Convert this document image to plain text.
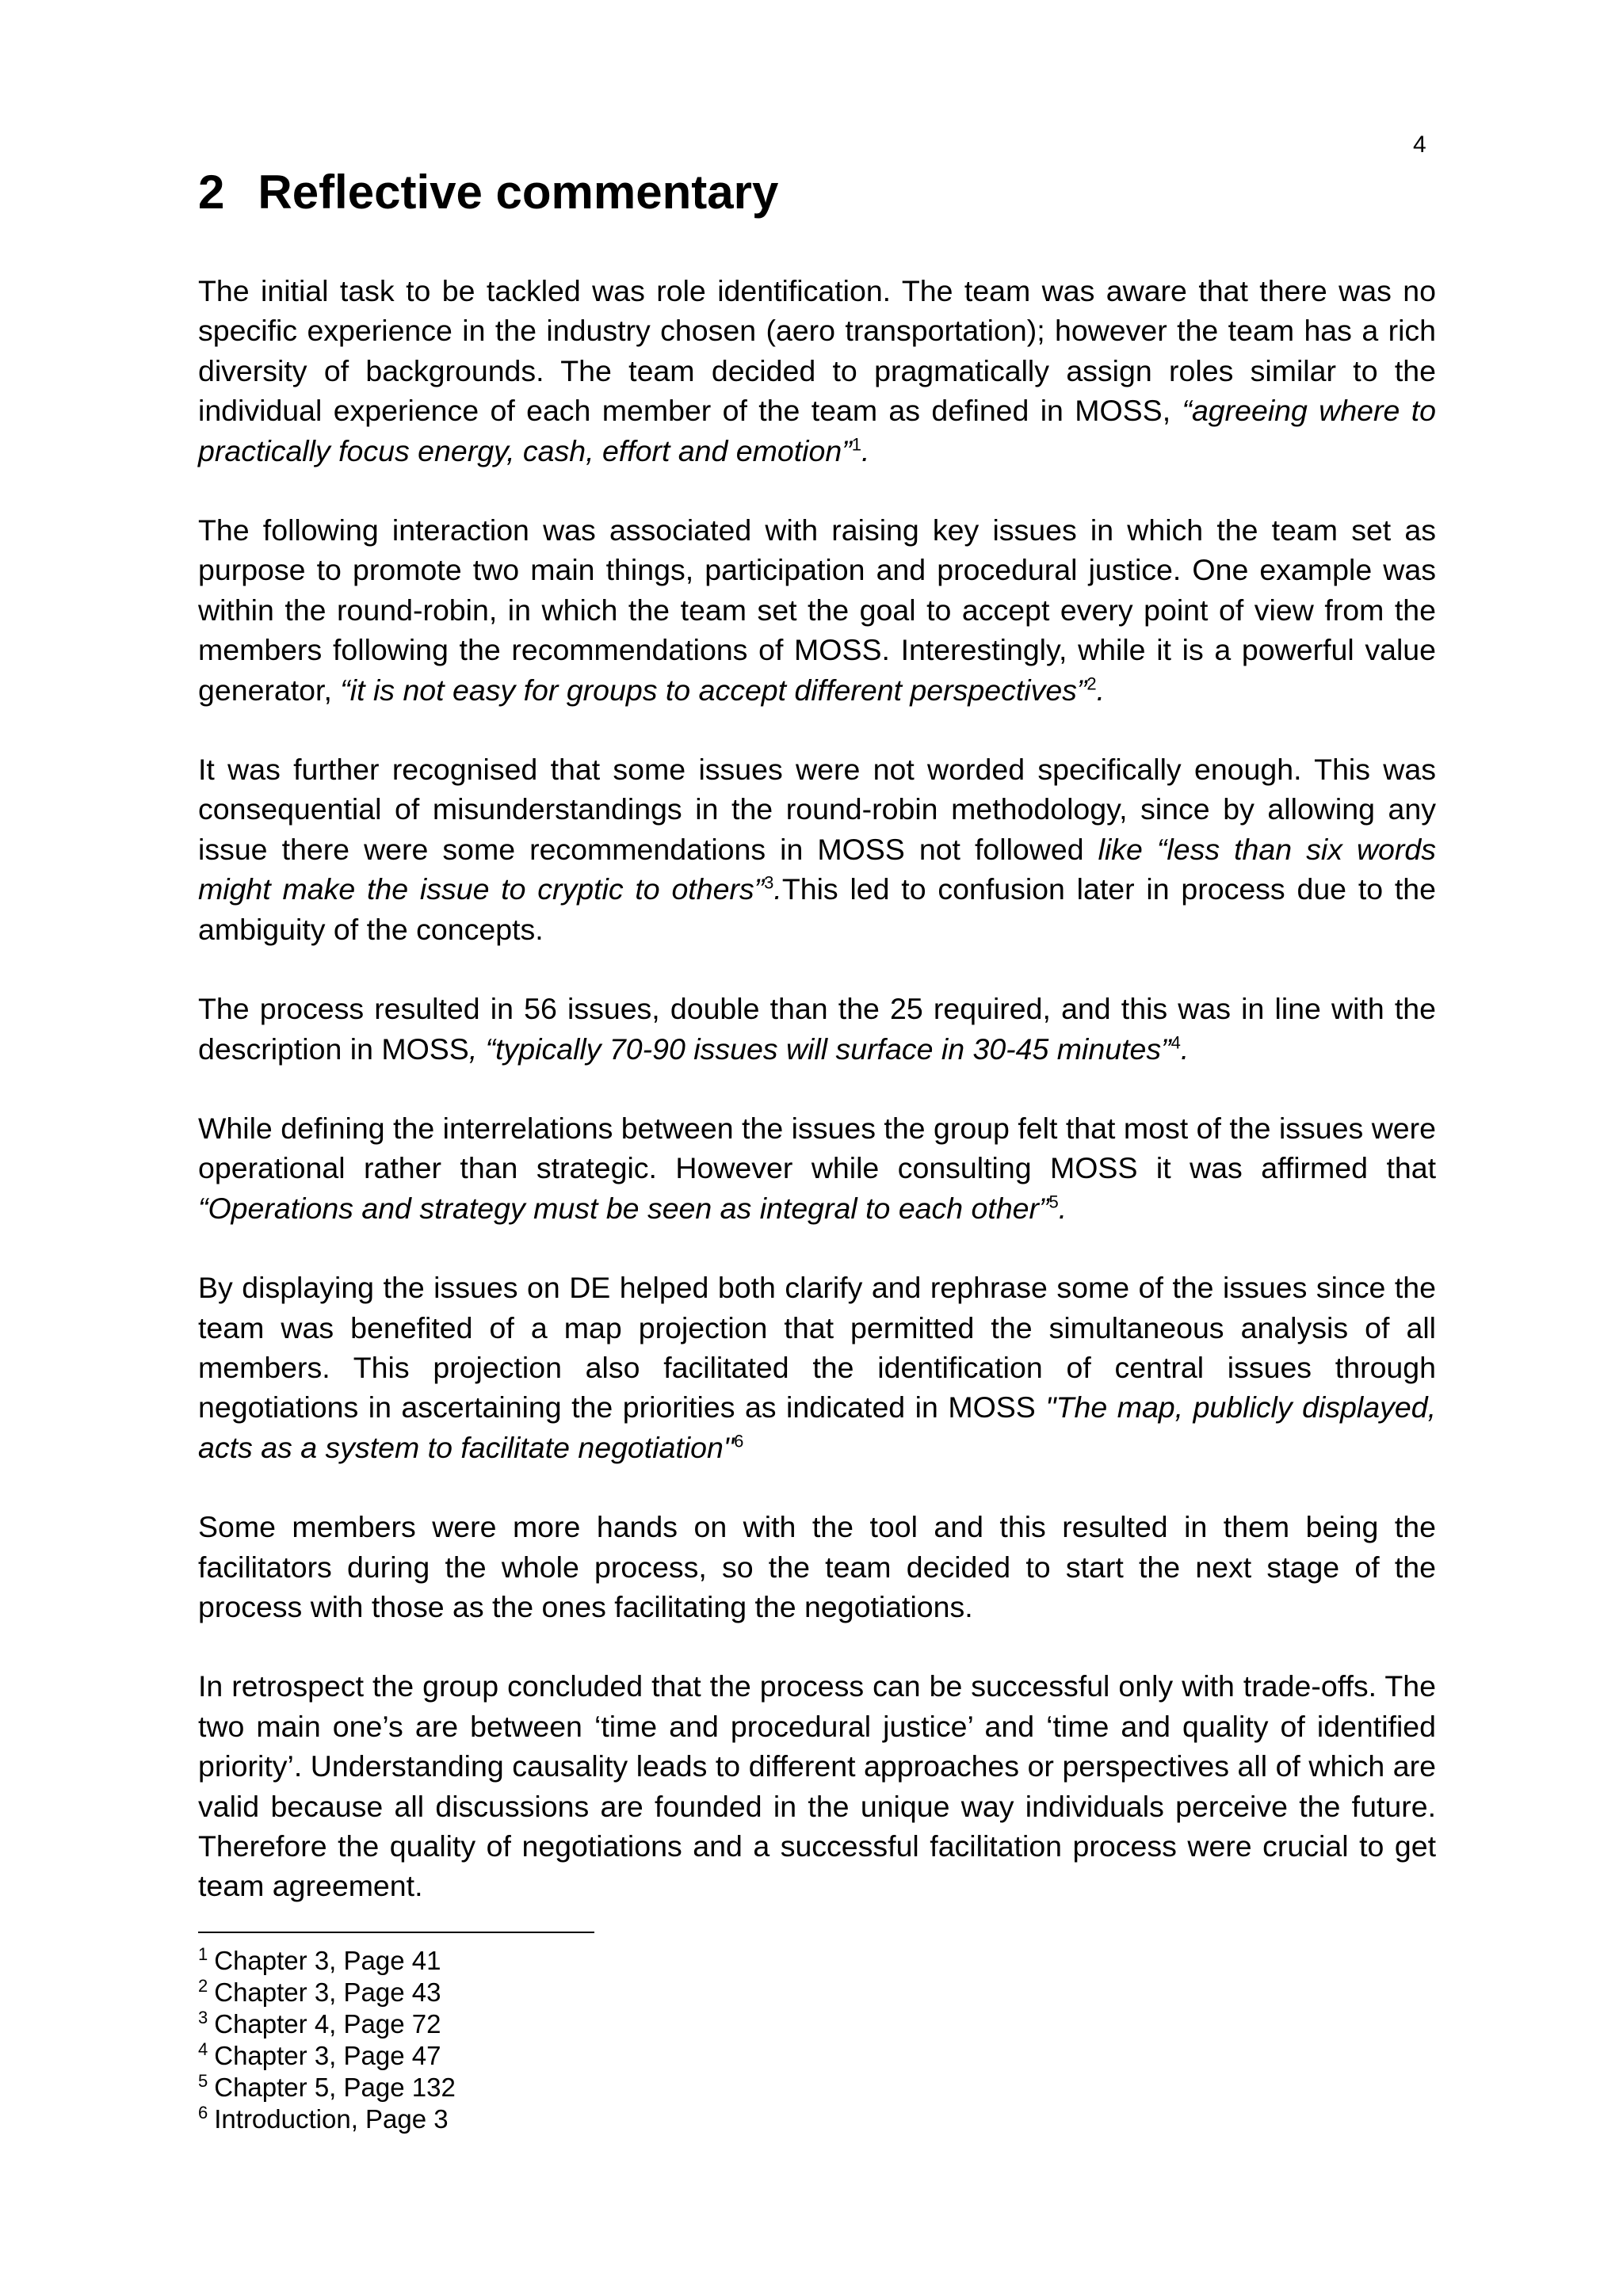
4
2 Reflective commentary

The initial task to be tackled was role identification. The team was aware that there was no specific experience in the industry chosen (aero transportation); however the team has a rich diversity of backgrounds. The team decided to pragmatically assign roles similar to the individual experience of each member of the team as defined in MOSS, “agreeing where to practically focus energy, cash, effort and emotion”$^1$.

The following interaction was associated with raising key issues in which the team set as purpose to promote two main things, participation and procedural justice. One example was within the round-robin, in which the team set the goal to accept every point of view from the members following the recommendations of MOSS. Interestingly, while it is a powerful value generator, “it is not easy for groups to accept different perspectives”$^2$.

It was further recognised that some issues were not worded specifically enough. This was consequential of misunderstandings in the round-robin methodology, since by allowing any issue there were some recommendations in MOSS not followed like “less than six words might make the issue to cryptic to others”$^3$.This led to confusion later in process due to the ambiguity of the concepts.

The process resulted in 56 issues, double than the 25 required, and this was in line with the description in MOSS, “typically 70-90 issues will surface in 30-45 minutes”$^4$.

While defining the interrelations between the issues the group felt that most of the issues were operational rather than strategic. However while consulting MOSS it was affirmed that “Operations and strategy must be seen as integral to each other”$^5$.

By displaying the issues on DE helped both clarify and rephrase some of the issues since the team was benefited of a map projection that permitted the simultaneous analysis of all members. This projection also facilitated the identification of central issues through negotiations in ascertaining the priorities as indicated in MOSS "The map, publicly displayed, acts as a system to facilitate negotiation"$^6$

Some members were more hands on with the tool and this resulted in them being the facilitators during the whole process, so the team decided to start the next stage of the process with those as the ones facilitating the negotiations.

In retrospect the group concluded that the process can be successful only with trade-offs. The two main one’s are between ‘time and procedural justice’ and ‘time and quality of identified priority’. Understanding causality leads to different approaches or perspectives all of which are valid because all discussions are founded in the unique way individuals perceive the future. Therefore the quality of negotiations and a successful facilitation process were crucial to get team agreement.

$^1$ Chapter 3, Page 41
$^2$ Chapter 3, Page 43
$^3$ Chapter 4, Page 72
$^4$ Chapter 3, Page 47
$^5$ Chapter 5, Page 132
$^6$ Introduction, Page 3
